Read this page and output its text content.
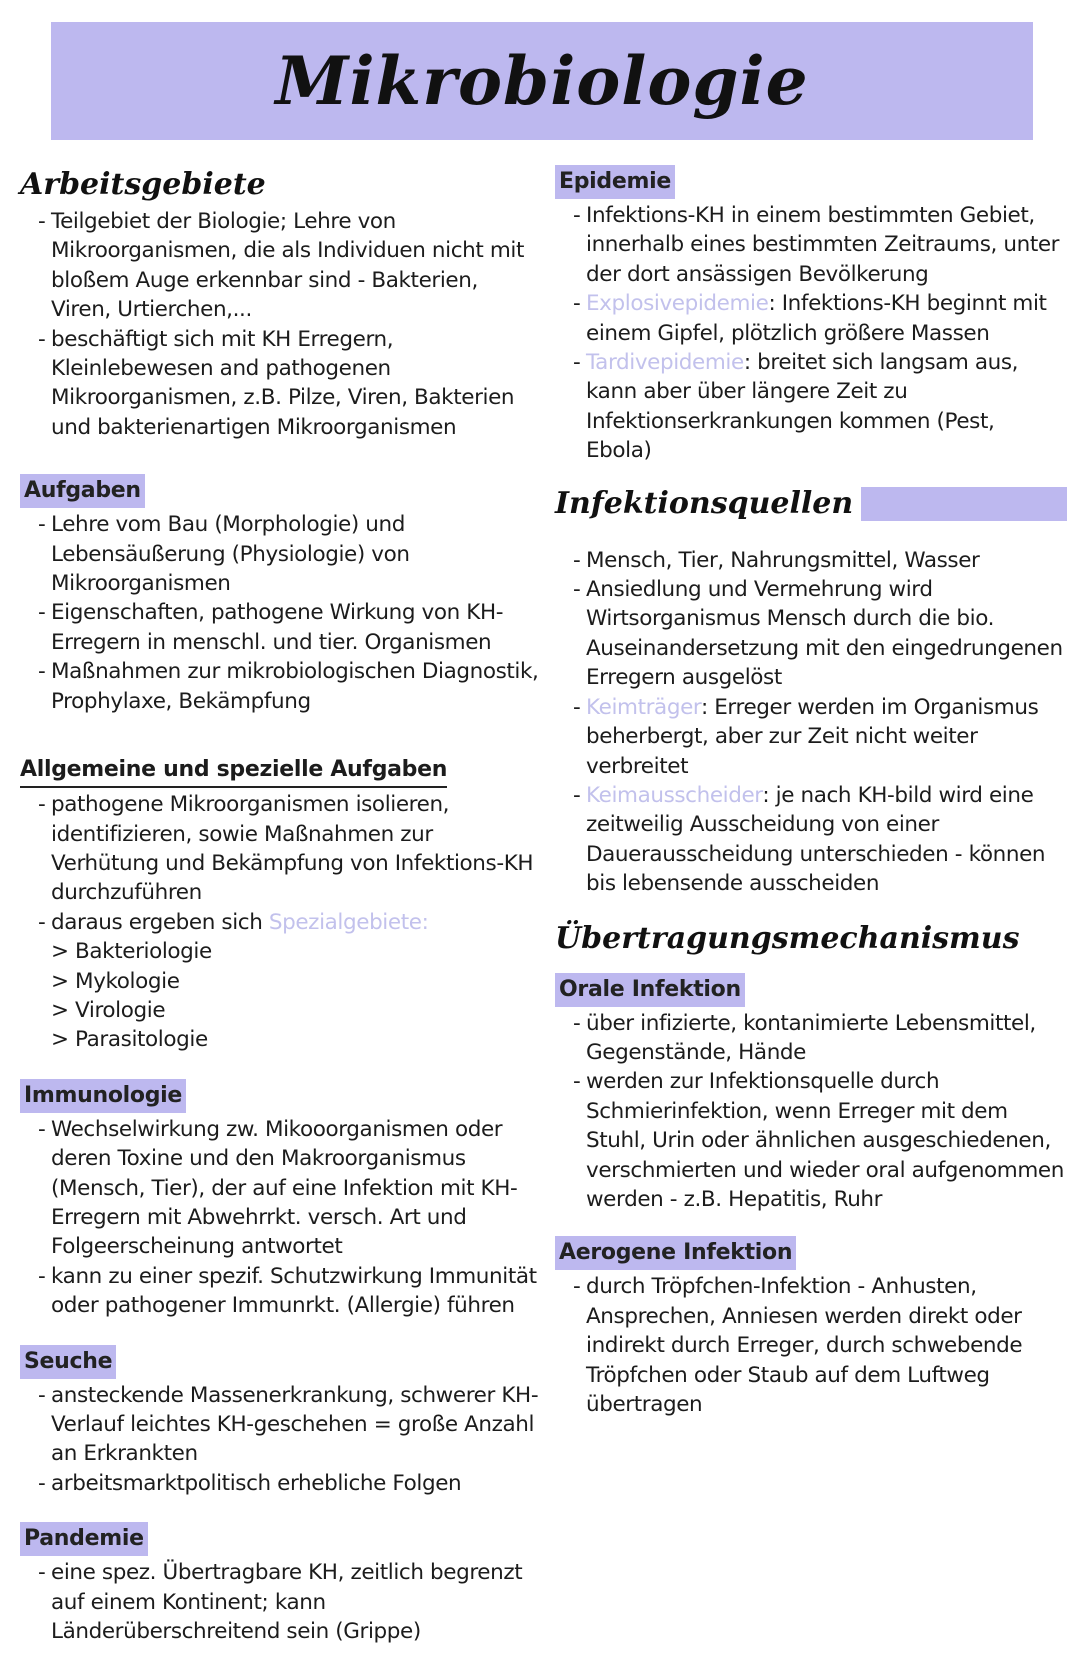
Mikrobiologie
Arbeitsgebiete
- Teilgebiet der Biologie; Lehre von Mikroorganismen, die als Individuen nicht mit bloßem Auge erkennbar sind - Bakterien, Viren, Urtierchen,...
- beschäftigt sich mit KH Erregern, Kleinlebewesen and pathogenen Mikroorganismen, z.B. Pilze, Viren, Bakterien und bakterienartigen Mikroorganismen
Aufgaben
- Lehre vom Bau (Morphologie) und Lebensäußerung (Physiologie) von Mikroorganismen
- Eigenschaften, pathogene Wirkung von KH-Erregern in menschl. und tier. Organismen
- Maßnahmen zur mikrobiologischen Diagnostik, Prophylaxe, Bekämpfung
Allgemeine und spezielle Aufgaben
- pathogene Mikroorganismen isolieren, identifizieren, sowie Maßnahmen zur Verhütung und Bekämpfung von Infektions-KH durchzuführen
- daraus ergeben sich Spezialgebiete:
> Bakteriologie
> Mykologie
> Virologie
> Parasitologie
Immunologie
- Wechselwirkung zw. Mikooorganismen oder deren Toxine und den Makroorganismus (Mensch, Tier), der auf eine Infektion mit KH-Erregern mit Abwehrrkt. versch. Art und Folgeerscheinung antwortet
- kann zu einer spezif. Schutzwirkung Immunität oder pathogener Immunrkt. (Allergie) führen
Seuche
- ansteckende Massenerkrankung, schwerer KH-Verlauf leichtes KH-geschehen = große Anzahl an Erkrankten
- arbeitsmarktpolitisch erhebliche Folgen
Pandemie
- eine spez. Übertragbare KH, zeitlich begrenzt auf einem Kontinent; kann Länderüberschreitend sein (Grippe)
Epidemie
- Infektions-KH in einem bestimmten Gebiet, innerhalb eines bestimmten Zeitraums, unter der dort ansässigen Bevölkerung
- Explosivepidemie: Infektions-KH beginnt mit einem Gipfel, plötzlich größere Massen
- Tardivepidemie: breitet sich langsam aus, kann aber über längere Zeit zu Infektionserkrankungen kommen (Pest, Ebola)
Infektionsquellen
- Mensch, Tier, Nahrungsmittel, Wasser
- Ansiedlung und Vermehrung wird Wirtsorganismus Mensch durch die bio. Auseinandersetzung mit den eingedrungenen Erregern ausgelöst
- Keimträger: Erreger werden im Organismus beherbergt, aber zur Zeit nicht weiter verbreitet
- Keimausscheider: je nach KH-bild wird eine zeitweilig Ausscheidung von einer Dauerausscheidung unterschieden - können bis lebensende ausscheiden
Übertragungsmechanismus
Orale Infektion
- über infizierte, kontanimierte Lebensmittel, Gegenstände, Hände
- werden zur Infektionsquelle durch Schmierinfektion, wenn Erreger mit dem Stuhl, Urin oder ähnlichen ausgeschiedenen, verschmierten und wieder oral aufgenommen werden - z.B. Hepatitis, Ruhr
Aerogene Infektion
- durch Tröpfchen-Infektion - Anhusten, Ansprechen, Anniesen werden direkt oder indirekt durch Erreger, durch schwebende Tröpfchen oder Staub auf dem Luftweg übertragen
